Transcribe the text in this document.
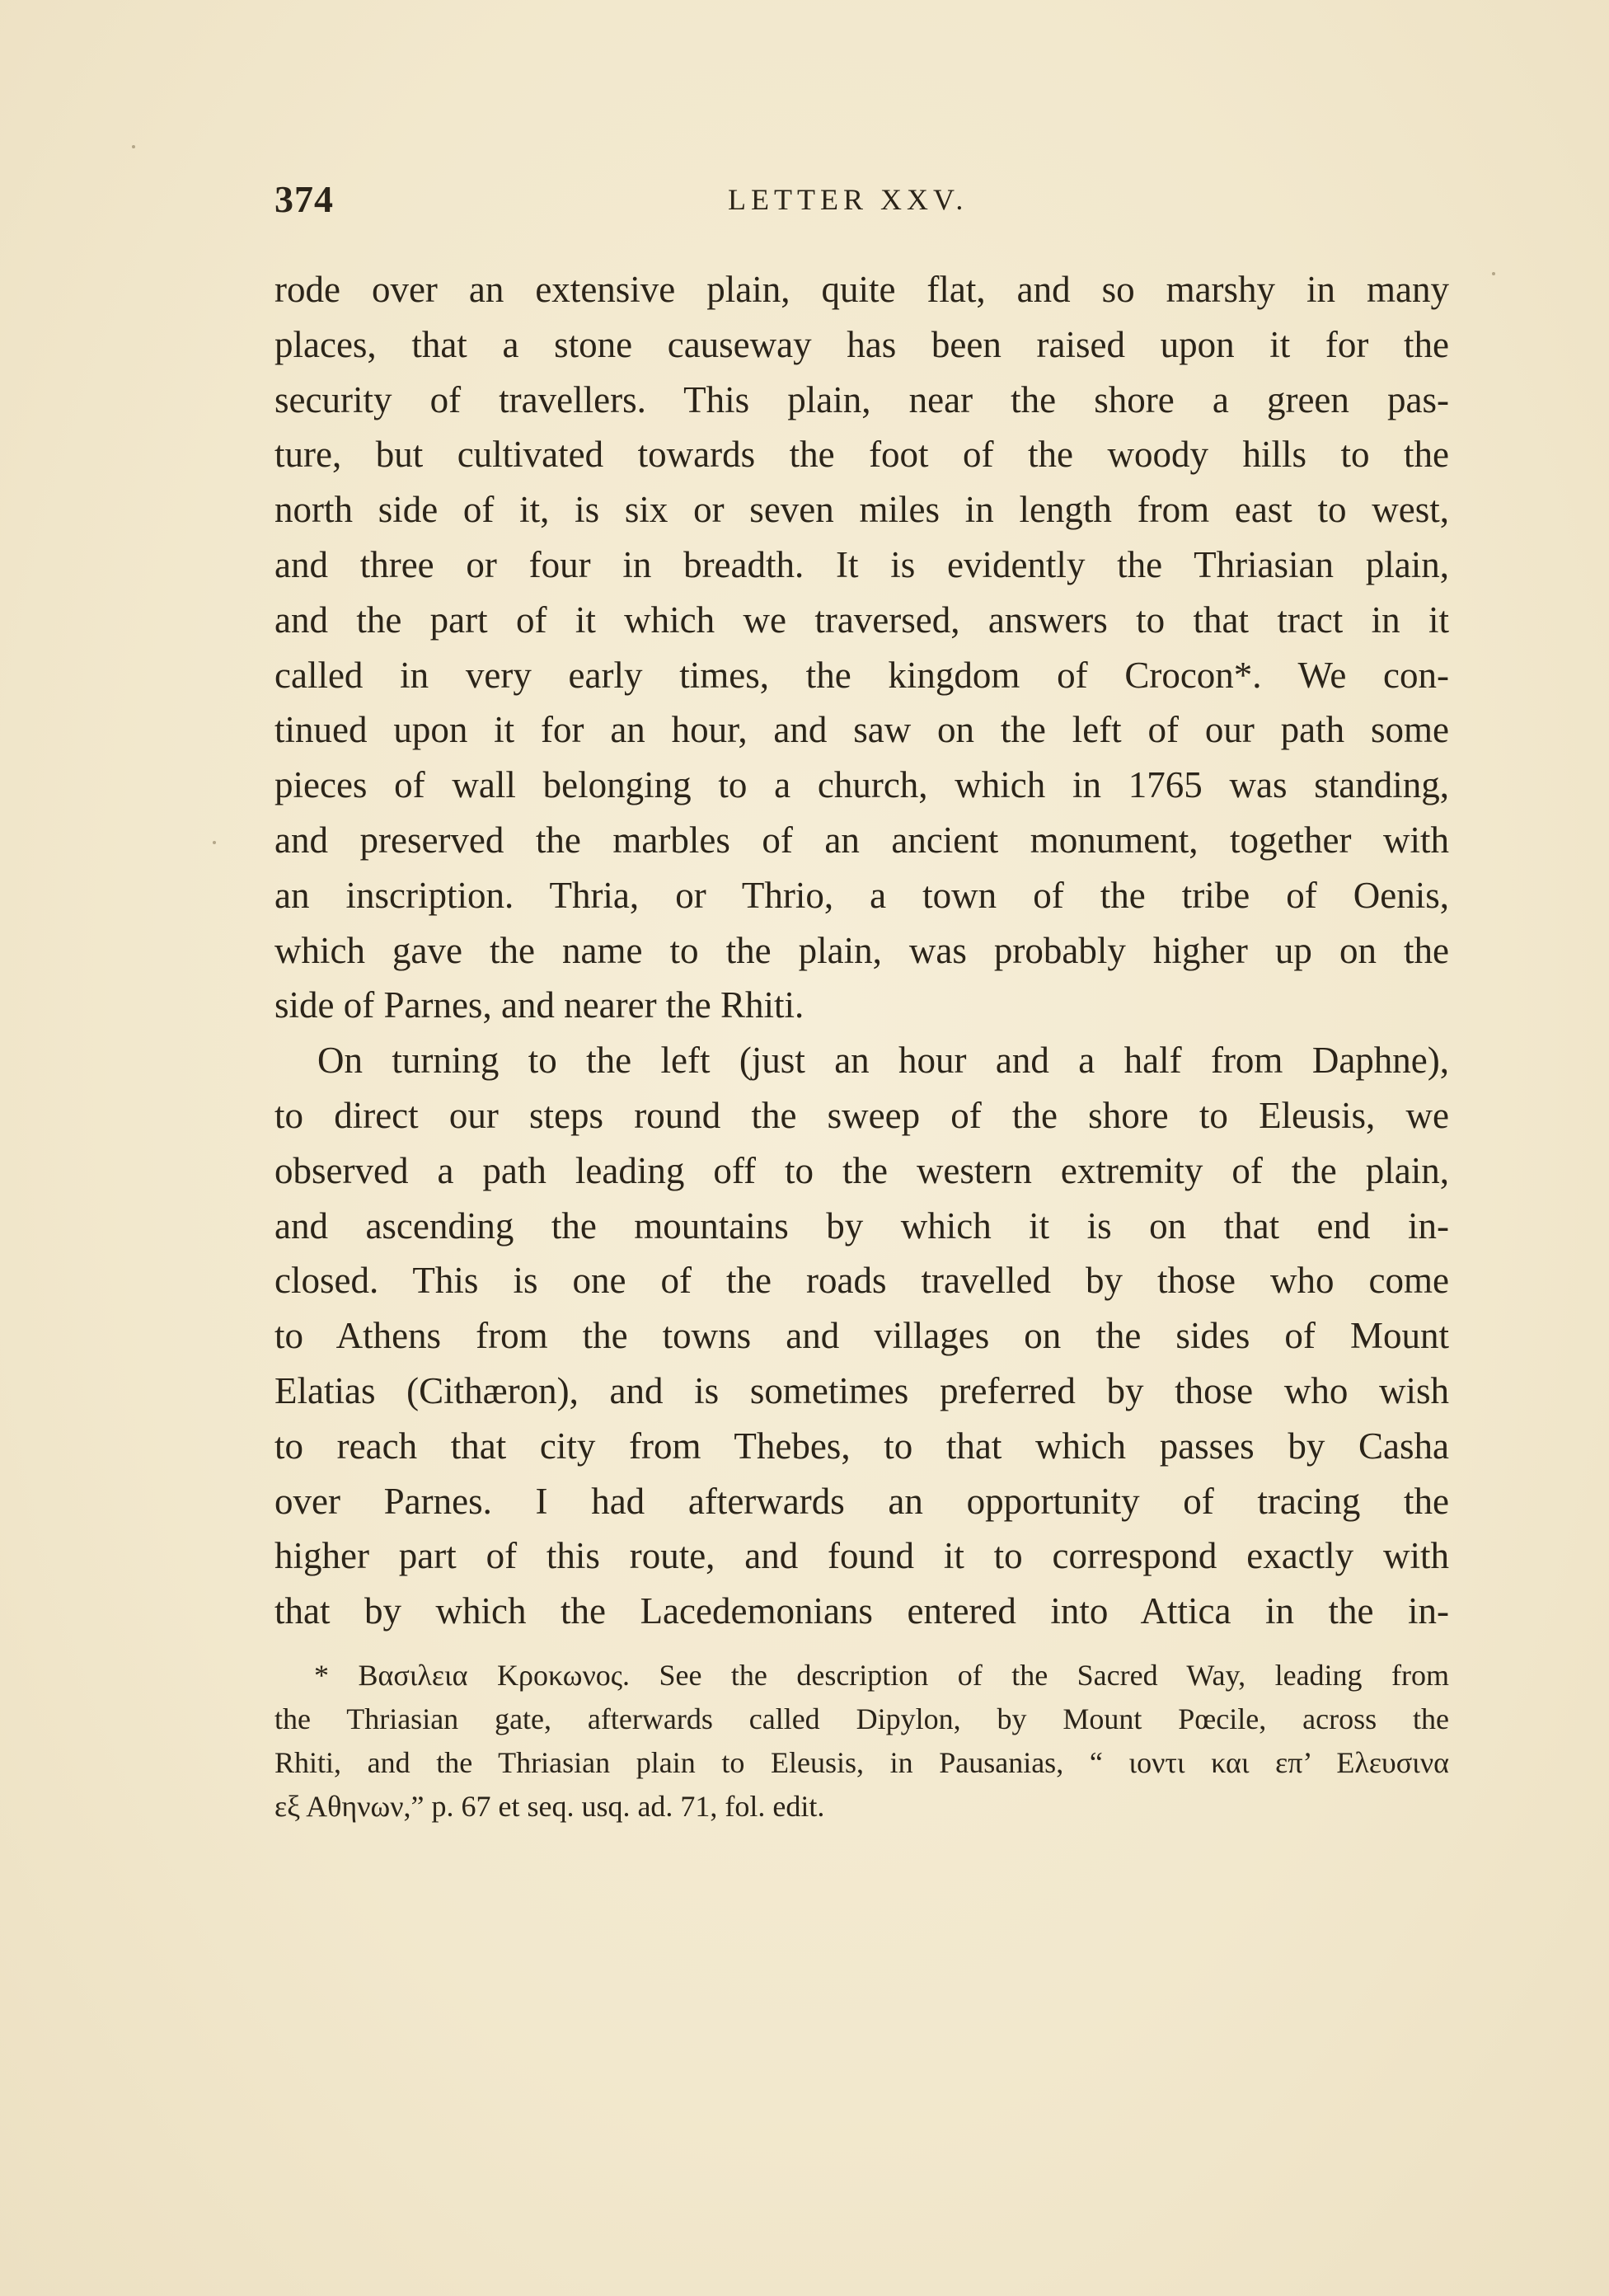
374	LETTER XXV.
rode over an extensive plain, quite flat, and so marshy in many
places, that a stone causeway has been raised upon it for the
security of travellers. This plain, near the shore a green pas-
ture, but cultivated towards the foot of the woody hills to the
north side of it, is six or seven miles in length from east to west,
and three or four in breadth. It is evidently the Thriasian plain,
and the part of it which we traversed, answers to that tract in it
called in very early times, the kingdom of Crocon*. We con-
tinued upon it for an hour, and saw on the left of our path some
pieces of wall belonging to a church, which in 1765 was standing,
and preserved the marbles of an ancient monument, together with
an inscription. Thria, or Thrio, a town of the tribe of Oenis,
which gave the name to the plain, was probably higher up on the
side of Parnes, and nearer the Rhiti.
On turning to the left (just an hour and a half from Daphne),
to direct our steps round the sweep of the shore to Eleusis, we
observed a path leading off to the western extremity of the plain,
and ascending the mountains by which it is on that end in-
closed. This is one of the roads travelled by those who come
to Athens from the towns and villages on the sides of Mount
Elatias (Cithæron), and is sometimes preferred by those who wish
to reach that city from Thebes, to that which passes by Casha
over Parnes. I had afterwards an opportunity of tracing the
higher part of this route, and found it to correspond exactly with
that by which the Lacedemonians entered into Attica in the in-
* Βασιλεια Κροκωνος. See the description of the Sacred Way, leading from
the Thriasian gate, afterwards called Dipylon, by Mount Pœcile, across the
Rhiti, and the Thriasian plain to Eleusis, in Pausanias, “ ιοντι και επ’ Ελευσινα
εξ Αθηνων,” p. 67 et seq. usq. ad. 71, fol. edit.
